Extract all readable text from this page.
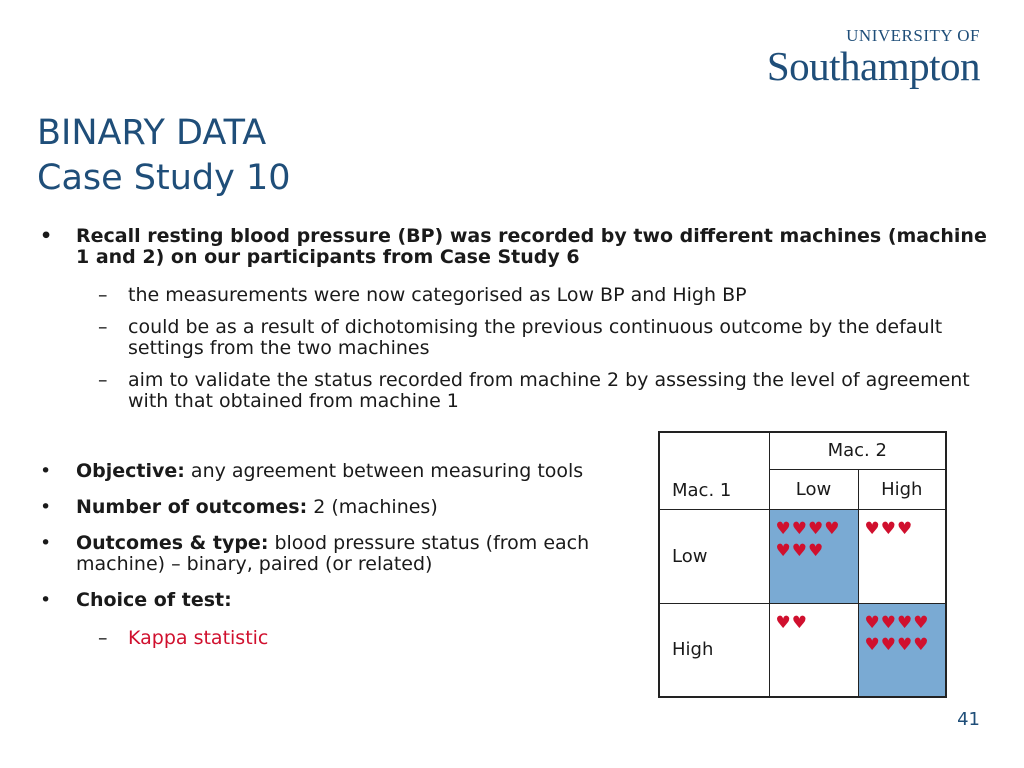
UNIVERSITY OF
Southampton
BINARY DATA
Case Study 10
•	Recall resting blood pressure (BP) was recorded by two different machines (machine 1 and 2) on our participants from Case Study 6
– the measurements were now categorised as Low BP and High BP
– could be as a result of dichotomising the previous continuous outcome by the default settings from the two machines
– aim to validate the status recorded from machine 2 by assessing the level of agreement with that obtained from machine 1
•	Objective: any agreement between measuring tools
•	Number of outcomes: 2 (machines)
•	Outcomes & type: blood pressure status (from each machine) – binary, paired (or related)
•	Choice of test:
– Kappa statistic
Mac. 1	Mac. 2	
	Low	High
Low	♥♥♥♥ ♥♥♥	♥♥♥
High	♥♥	♥♥♥♥ ♥♥♥♥
41
